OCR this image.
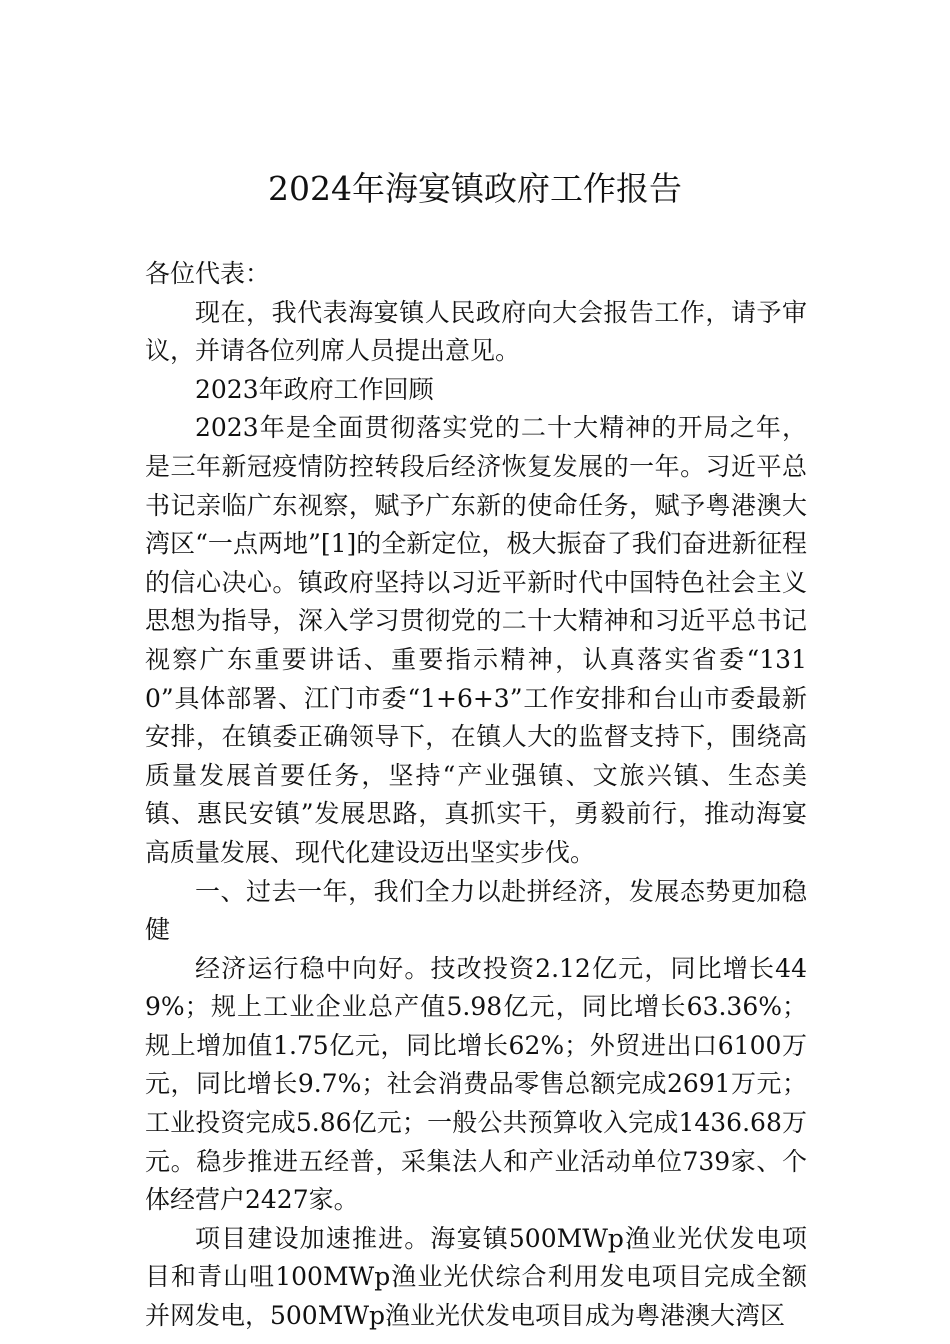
2024年海宴镇政府工作报告

各位代表：

现在，我代表海宴镇人民政府向大会报告工作，请予审议，并请各位列席人员提出意见。

2023年政府工作回顾

2023年是全面贯彻落实党的二十大精神的开局之年，是三年新冠疫情防控转段后经济恢复发展的一年。习近平总书记亲临广东视察，赋予广东新的使命任务，赋予粤港澳大湾区“一点两地”[1]的全新定位，极大振奋了我们奋进新征程的信心决心。镇政府坚持以习近平新时代中国特色社会主义思想为指导，深入学习贯彻党的二十大精神和习近平总书记视察广东重要讲话、重要指示精神，认真落实省委“1310”具体部署、江门市委“1+6+3”工作安排和台山市委最新安排，在镇委正确领导下，在镇人大的监督支持下，围绕高质量发展首要任务，坚持“产业强镇、文旅兴镇、生态美镇、惠民安镇”发展思路，真抓实干，勇毅前行，推动海宴高质量发展、现代化建设迈出坚实步伐。

一、过去一年，我们全力以赴拼经济，发展态势更加稳健

经济运行稳中向好。技改投资2.12亿元，同比增长449%；规上工业企业总产值5.98亿元，同比增长63.36%；规上增加值1.75亿元，同比增长62%；外贸进出口6100万元，同比增长9.7%；社会消费品零售总额完成2691万元；工业投资完成5.86亿元；一般公共预算收入完成1436.68万元。稳步推进五经普，采集法人和产业活动单位739家、个体经营户2427家。

项目建设加速推进。海宴镇500MWp渔业光伏发电项目和青山咀100MWp渔业光伏综合利用发电项目完成全额并网发电，500MWp渔业光伏发电项目成为粤港澳大湾区
